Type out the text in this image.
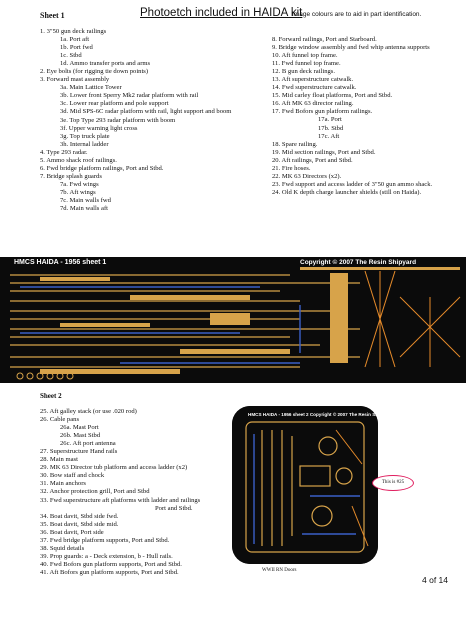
Sheet 1	Photoetch included in HAIDA kit
Image colours are to aid in part identification.
1. 3"50 gun deck railings
1a. Port aft
1b. Port fwd
1c. Stbd
1d. Ammo transfer ports and arms
2. Eye bolts (for rigging tie down points)
3. Forward mast assembly
3a. Main Lattice Tower
3b. Lower front Sperry Mk2 radar platform with rail
3c. Lower rear platform and pole support
3d. Mid SPS-6C radar platform with rail, light support and boom
3e. Top Type 293 radar platform with boom
3f. Upper warning light cross
3g. Top truck plate
3h. Internal ladder
4. Type 293 radar.
5. Ammo shack roof railings.
6. Fwd bridge platform railings, Port and Stbd.
7. Bridge splash guards
7a. Fwd wings
7b. Aft wings
7c. Main walls fwd
7d. Main walls aft
8. Forward railings, Port and Starboard.
9. Bridge window assembly and fwd whip antenna supports
10. Aft funnel top frame.
11. Fwd funnel top frame.
12. B gun deck railings.
13. Aft superstructure catwalk.
14. Fwd superstructure catwalk.
15. Mid carley float platforms, Port and Stbd.
16. Aft MK 63 director railing.
17. Fwd Bofors gun platform railings.
17a. Port
17b. Stbd
17c. Aft
18. Spare railing.
19. Mid section railings, Port and Stbd.
20. Aft railings, Port and Stbd.
21. Fire hoses.
22. MK 63 Directors (x2).
23. Fwd support and access ladder of 3"50 gun ammo shack.
24. Old K depth charge launcher shields (still on Haida).
HMCS HAIDA - 1956 sheet 1	Copyright © 2007 The Resin Shipyard
Sheet 2
25. Aft galley stack (or use .020 rod)
26. Cable pans
26a. Mast Port
26b. Mast Stbd
26c. Aft port antenna
27. Superstructure Hand rails
28. Main mast
29. MK 63 Director tub platform and access ladder (x2)
30. Bow staff and chock
31. Main anchors
32. Anchor protection grill, Port and Stbd
33. Fwd superstructure aft platforms with ladder and railings
Port and Stbd.
34. Boat davit, Stbd side fwd.
35. Boat davit, Stbd side mid.
36. Boat davit, Port side
37. Fwd bridge platform supports, Port and Stbd.
38. Squid details
39. Prop guards: a - Deck extension, b - Hull rails.
40. Fwd Bofors gun platform supports, Port and Stbd.
41. Aft Bofors gun platform supports, Port and Stbd.
HMCS HAIDA - 1956 sheet 2 Copyright © 2007 The Resin Shipyard
This is #25
WWII RN Doors
4 of 14
